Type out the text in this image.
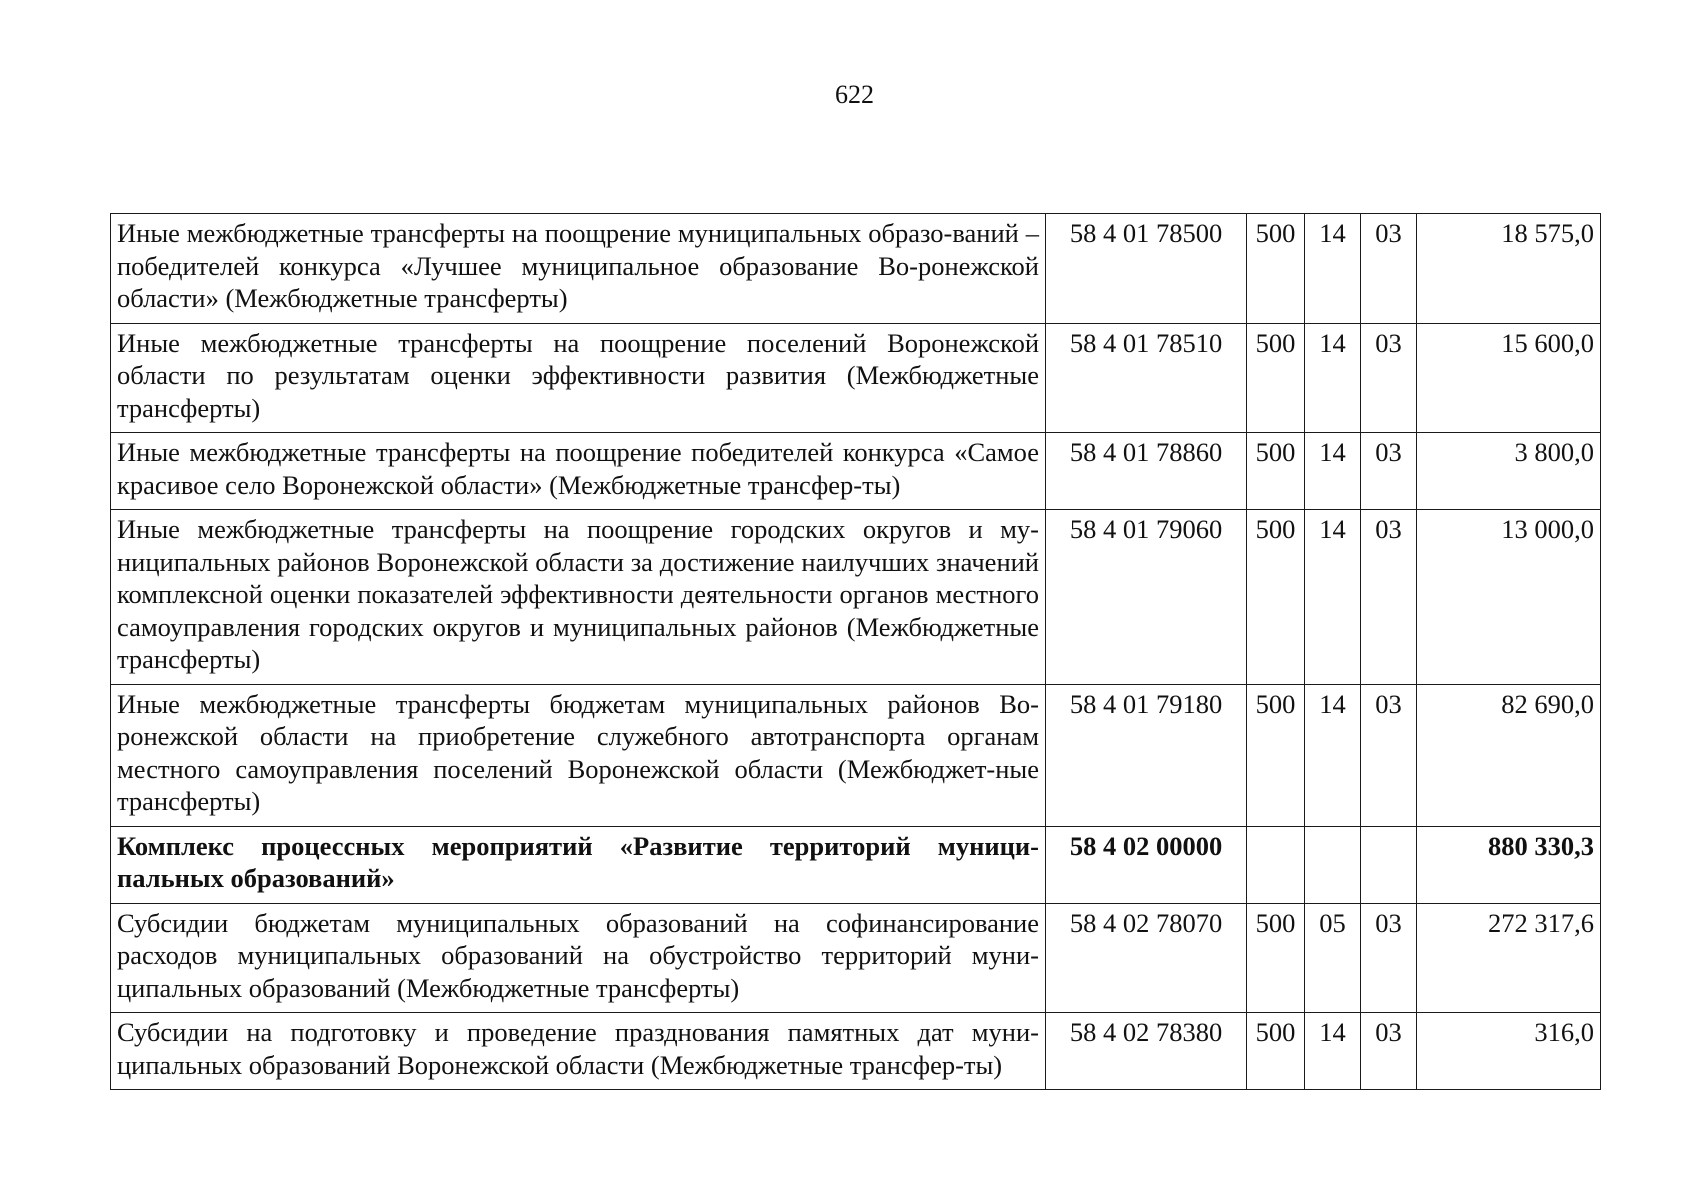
622
Иные межбюджетные трансферты на поощрение муниципальных образо-ваний – победителей конкурса «Лучшее муниципальное образование Во-ронежской области» (Межбюджетные трансферты)	58 4 01 78500	500	14	03	18 575,0
Иные межбюджетные трансферты на поощрение поселений Воронежской области по результатам оценки эффективности развития (Межбюджетные трансферты)	58 4 01 78510	500	14	03	15 600,0
Иные межбюджетные трансферты на поощрение победителей конкурса «Самое красивое село Воронежской области» (Межбюджетные трансфер-ты)	58 4 01 78860	500	14	03	3 800,0
Иные межбюджетные трансферты на поощрение городских округов и му-ниципальных районов Воронежской области за достижение наилучших значений комплексной оценки показателей эффективности деятельности органов местного самоуправления городских округов и муниципальных районов (Межбюджетные трансферты)	58 4 01 79060	500	14	03	13 000,0
Иные межбюджетные трансферты бюджетам муниципальных районов Во-ронежской области на приобретение служебного автотранспорта органам местного самоуправления поселений Воронежской области (Межбюджет-ные трансферты)	58 4 01 79180	500	14	03	82 690,0
Комплекс процессных мероприятий «Развитие территорий муници-пальных образований»	58 4 02 00000				880 330,3
Субсидии бюджетам муниципальных образований на софинансирование расходов муниципальных образований на обустройство территорий муни-ципальных образований (Межбюджетные трансферты)	58 4 02 78070	500	05	03	272 317,6
Субсидии на подготовку и проведение празднования памятных дат муни-ципальных образований Воронежской области (Межбюджетные трансфер-ты)	58 4 02 78380	500	14	03	316,0
